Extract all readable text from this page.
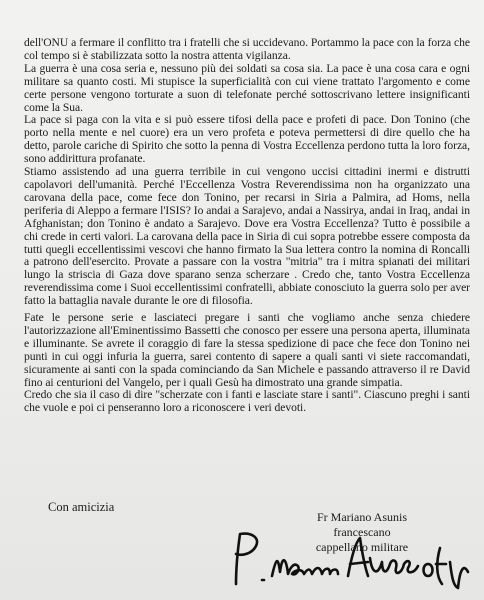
dell'ONU a fermare il conflitto tra i fratelli che si uccidevano. Portammo la pace con la forza che col tempo si è stabilizzata sotto la nostra attenta vigilanza.

La guerra è una cosa seria e, nessuno più dei soldati sa cosa sia. La pace è una cosa cara e ogni militare sa quanto costi. Mi stupisce la superficialità con cui viene trattato l'argomento e come certe persone vengono torturate a suon di telefonate perché sottoscrivano lettere insignificanti come la Sua.

La pace si paga con la vita e si può essere tifosi della pace e profeti di pace. Don Tonino (che porto nella mente e nel cuore) era un vero profeta e poteva permettersi di dire quello che ha detto, parole cariche di Spirito che sotto la penna di Vostra Eccellenza perdono tutta la loro forza, sono addirittura profanate.

Stiamo assistendo ad una guerra terribile in cui vengono uccisi cittadini inermi e distrutti capolavori dell'umanità. Perché l'Eccellenza Vostra Reverendissima non ha organizzato una carovana della pace, come fece don Tonino, per recarsi in Siria a Palmira, ad Homs, nella periferia di Aleppo a fermare l'ISIS? Io andai a Sarajevo, andai a Nassirya, andai in Iraq, andai in Afghanistan; don Tonino è andato a Sarajevo. Dove era Vostra Eccellenza? Tutto è possibile a chi crede in certi valori. La carovana della pace in Siria di cui sopra potrebbe essere composta da tutti quegli eccellentissimi vescovi che hanno firmato la Sua lettera contro la nomina di Roncalli a patrono dell'esercito. Provate a passare con la vostra "mitria" tra i mitra spianati dei militari lungo la striscia di Gaza dove sparano senza scherzare . Credo che, tanto Vostra Eccellenza reverendissima come i Suoi eccellentissimi confratelli, abbiate conosciuto la guerra solo per aver fatto la battaglia navale durante le ore di filosofia.

Fate le persone serie e lasciateci pregare i santi che vogliamo anche senza chiedere l'autorizzazione all'Eminentissimo Bassetti che conosco per essere una persona aperta, illuminata e illuminante. Se avrete il coraggio di fare la stessa spedizione di pace che fece don Tonino nei punti in cui oggi infuria la guerra, sarei contento di sapere a quali santi vi siete raccomandati, sicuramente ai santi con la spada cominciando da San Michele e passando attraverso il re David fino ai centurioni del Vangelo, per i quali Gesù ha dimostrato una grande simpatia.

Credo che sia il caso di dire "scherzate con i fanti e lasciate stare i santi". Ciascuno preghi i santi che vuole e poi ci penseranno loro a riconoscere i veri devoti.

Con amicizia
Fr Mariano Asunis
francescano
cappellano militare
